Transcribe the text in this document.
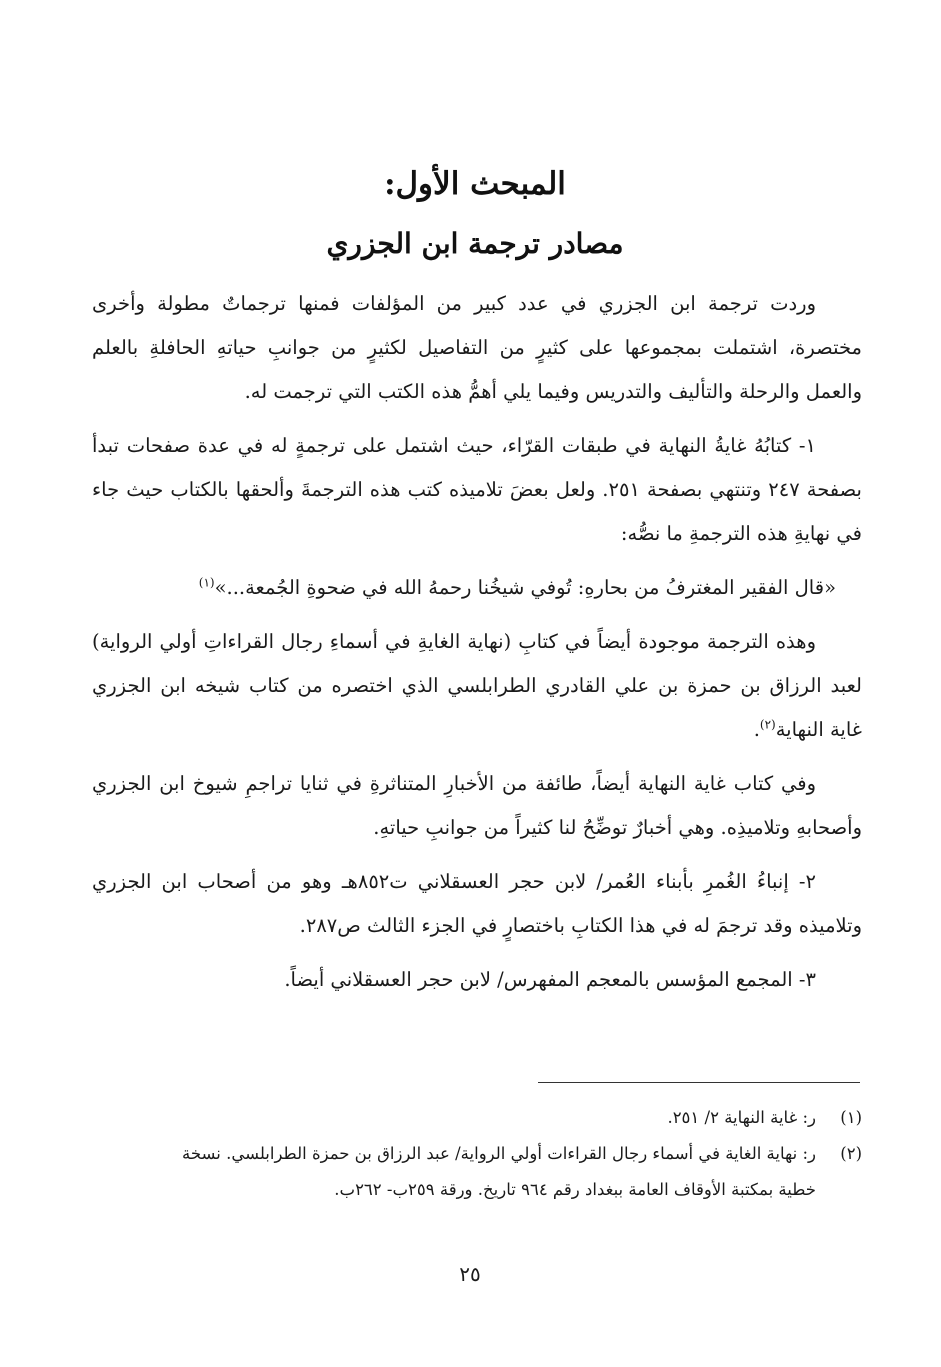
المبحث الأول:
مصادر ترجمة ابن الجزري

وردت ترجمة ابن الجزري في عدد كبير من المؤلفات فمنها ترجماتٌ مطولة وأخرى مختصرة، اشتملت بمجموعها على كثيرٍ من التفاصيل لكثيرٍ من جوانبِ حياتهِ الحافلةِ بالعلم والعمل والرحلة والتأليف والتدريس وفيما يلي أهمُّ هذه الكتب التي ترجمت له.

١- كتابُهُ غايةُ النهاية في طبقات القرّاء، حيث اشتمل على ترجمةٍ له في عدة صفحات تبدأ بصفحة ٢٤٧ وتنتهي بصفحة ٢٥١. ولعل بعضَ تلاميذه كتب هذه الترجمةَ وألحقها بالكتاب حيث جاء في نهايةِ هذه الترجمةِ ما نصُّه:

«قال الفقير المغترفُ من بحارهِ: تُوفي شيخُنا رحمهُ الله في ضحوةِ الجُمعة...»$^{(١)}$

وهذه الترجمة موجودة أيضاً في كتابِ (نهاية الغايةِ في أسماءِ رجال القراءاتِ أولي الرواية) لعبد الرزاق بن حمزة بن علي القادري الطرابلسي الذي اختصره من كتاب شيخه ابن الجزري غاية النهاية$^{(٢)}$.

وفي كتاب غاية النهاية أيضاً، طائفة من الأخبارِ المتناثرةِ في ثنايا تراجمِ شيوخ ابن الجزري وأصحابهِ وتلاميذِه. وهي أخبارٌ توضِّحُ لنا كثيراً من جوانبِ حياتهِ.

٢- إنباءُ الغُمرِ بأبناء العُمر/ لابن حجر العسقلاني ت٨٥٢هـ وهو من أصحاب ابن الجزري وتلاميذه وقد ترجمَ له في هذا الكتابِ باختصارٍ في الجزء الثالث ص٢٨٧.

٣- المجمع المؤسس بالمعجم المفهرس/ لابن حجر العسقلاني أيضاً.

(١)
ر: غاية النهاية ٢/ ٢٥١.
(٢)
ر: نهاية الغاية في أسماء رجال القراءات أولي الرواية/ عبد الرزاق بن حمزة الطرابلسي. نسخة خطية بمكتبة الأوقاف العامة ببغداد رقم ٩٦٤ تاريخ. ورقة ٢٥٩ب- ٢٦٢ب.
٢٥
